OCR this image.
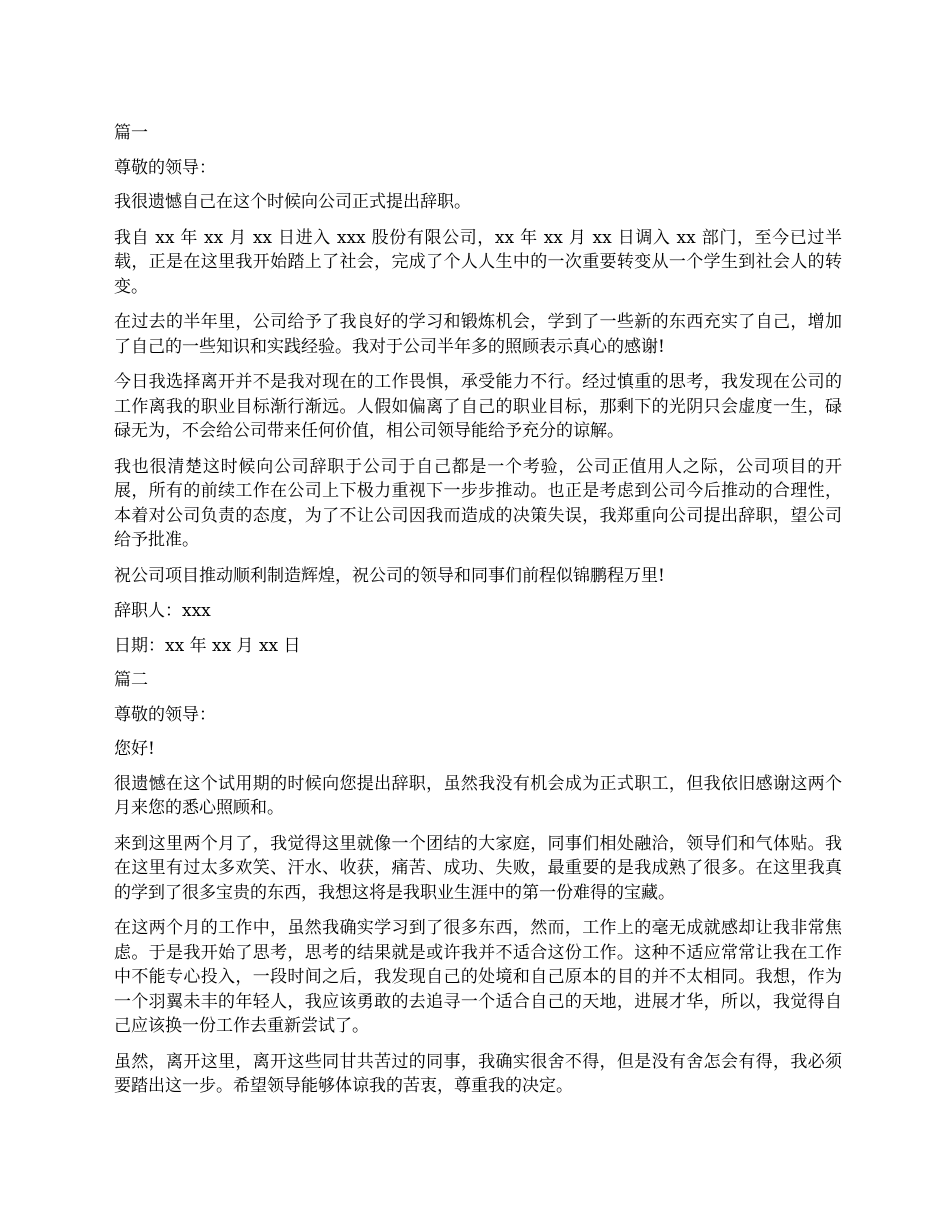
篇一

尊敬的领导：

我很遗憾自己在这个时候向公司正式提出辞职。

我自 xx 年 xx 月 xx 日进入 xxx 股份有限公司，xx 年 xx 月 xx 日调入 xx 部门，至今已过半载，正是在这里我开始踏上了社会，完成了个人人生中的一次重要转变从一个学生到社会人的转变。

在过去的半年里，公司给予了我良好的学习和锻炼机会，学到了一些新的东西充实了自己，增加了自己的一些知识和实践经验。我对于公司半年多的照顾表示真心的感谢!

今日我选择离开并不是我对现在的工作畏惧，承受能力不行。经过慎重的思考，我发现在公司的工作离我的职业目标渐行渐远。人假如偏离了自己的职业目标，那剩下的光阴只会虚度一生，碌碌无为，不会给公司带来任何价值，相公司领导能给予充分的谅解。

我也很清楚这时候向公司辞职于公司于自己都是一个考验，公司正值用人之际，公司项目的开展，所有的前续工作在公司上下极力重视下一步步推动。也正是考虑到公司今后推动的合理性，本着对公司负责的态度，为了不让公司因我而造成的决策失误，我郑重向公司提出辞职，望公司给予批准。

祝公司项目推动顺利制造辉煌，祝公司的领导和同事们前程似锦鹏程万里!

辞职人：xxx

日期：xx 年 xx 月 xx 日

篇二

尊敬的领导：

您好!

很遗憾在这个试用期的时候向您提出辞职，虽然我没有机会成为正式职工，但我依旧感谢这两个月来您的悉心照顾和。

来到这里两个月了，我觉得这里就像一个团结的大家庭，同事们相处融洽，领导们和气体贴。我在这里有过太多欢笑、汗水、收获，痛苦、成功、失败，最重要的是我成熟了很多。在这里我真的学到了很多宝贵的东西，我想这将是我职业生涯中的第一份难得的宝藏。

在这两个月的工作中，虽然我确实学习到了很多东西，然而，工作上的毫无成就感却让我非常焦虑。于是我开始了思考，思考的结果就是或许我并不适合这份工作。这种不适应常常让我在工作中不能专心投入，一段时间之后，我发现自己的处境和自己原本的目的并不太相同。我想，作为一个羽翼未丰的年轻人，我应该勇敢的去追寻一个适合自己的天地，进展才华，所以，我觉得自己应该换一份工作去重新尝试了。

虽然，离开这里，离开这些同甘共苦过的同事，我确实很舍不得，但是没有舍怎会有得，我必须要踏出这一步。希望领导能够体谅我的苦衷，尊重我的决定。
